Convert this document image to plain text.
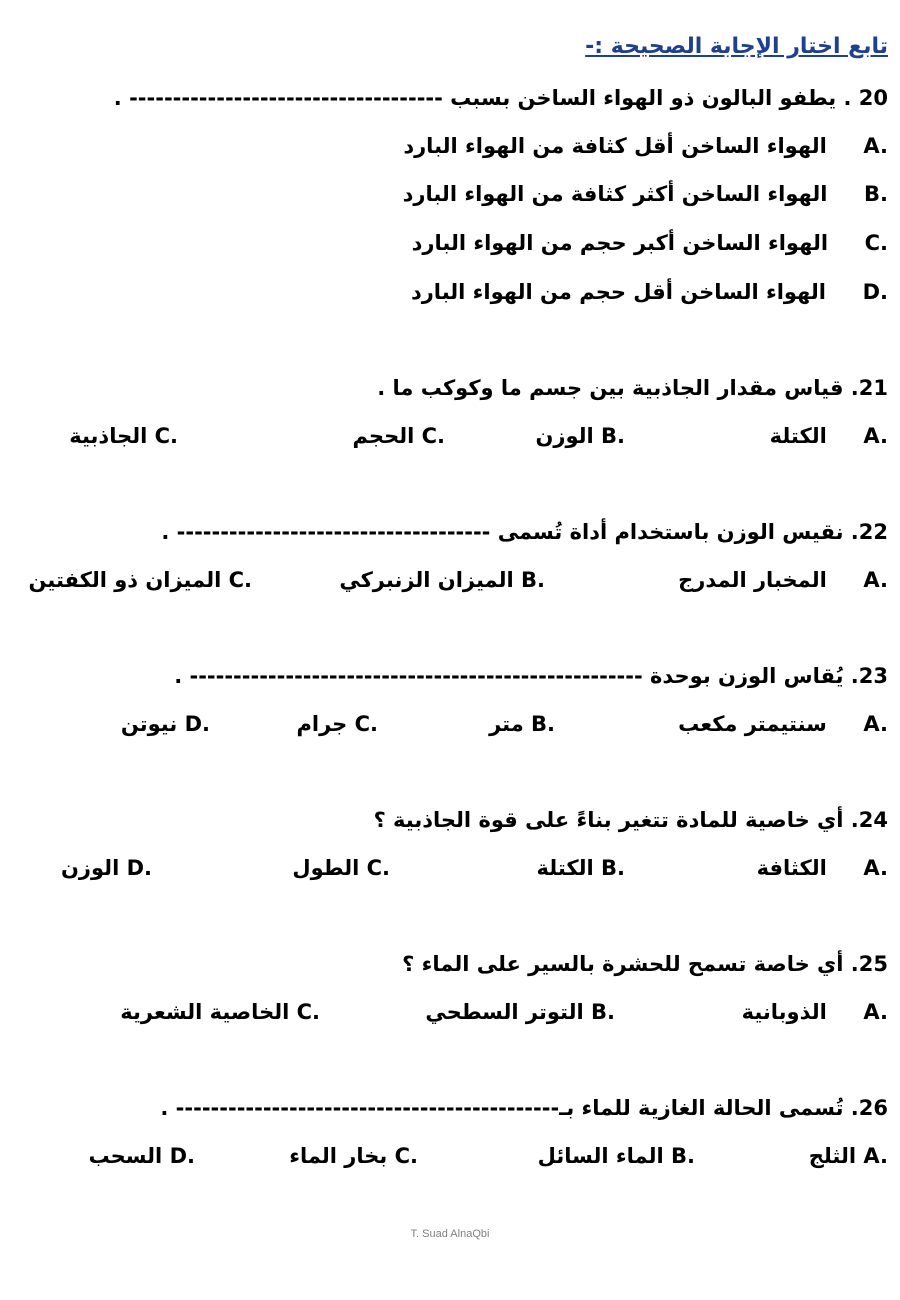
تابع اختار الإجابة الصحيحة :-
20 . يطفو البالون ذو الهواء الساخن بسبب ------------------------------------ .
A.     الهواء الساخن أقل كثافة من الهواء البارد
B.     الهواء الساخن أكثر كثافة من الهواء البارد
C.     الهواء الساخن أكبر حجم من الهواء البارد
D.     الهواء الساخن أقل حجم من الهواء البارد
21. قياس مقدار الجاذبية بين جسم ما وكوكب ما .
A.     الكتلة
B. الوزن
C. الحجم
C. الجاذبية
22. نقيس الوزن باستخدام أداة تُسمى ------------------------------------ .
A.     المخبار المدرج
B. الميزان الزنبركي
C. الميزان ذو الكفتين
23. يُقاس الوزن بوحدة ---------------------------------------------------- .
A.     سنتيمتر مكعب
B. متر
C. جرام
D. نيوتن
24. أي خاصية للمادة تتغير بناءً على قوة الجاذبية ؟
A.     الكثافة
B. الكتلة
C. الطول
D. الوزن
25. أي خاصة تسمح للحشرة بالسير على الماء ؟
A.     الذوبانية
B. التوتر السطحي
C. الخاصية الشعرية
26. تُسمى الحالة الغازية للماء بـ-------------------------------------------- .
A. الثلج
B. الماء السائل
C. بخار الماء
D. السحب
T. Suad AlnaQbi
